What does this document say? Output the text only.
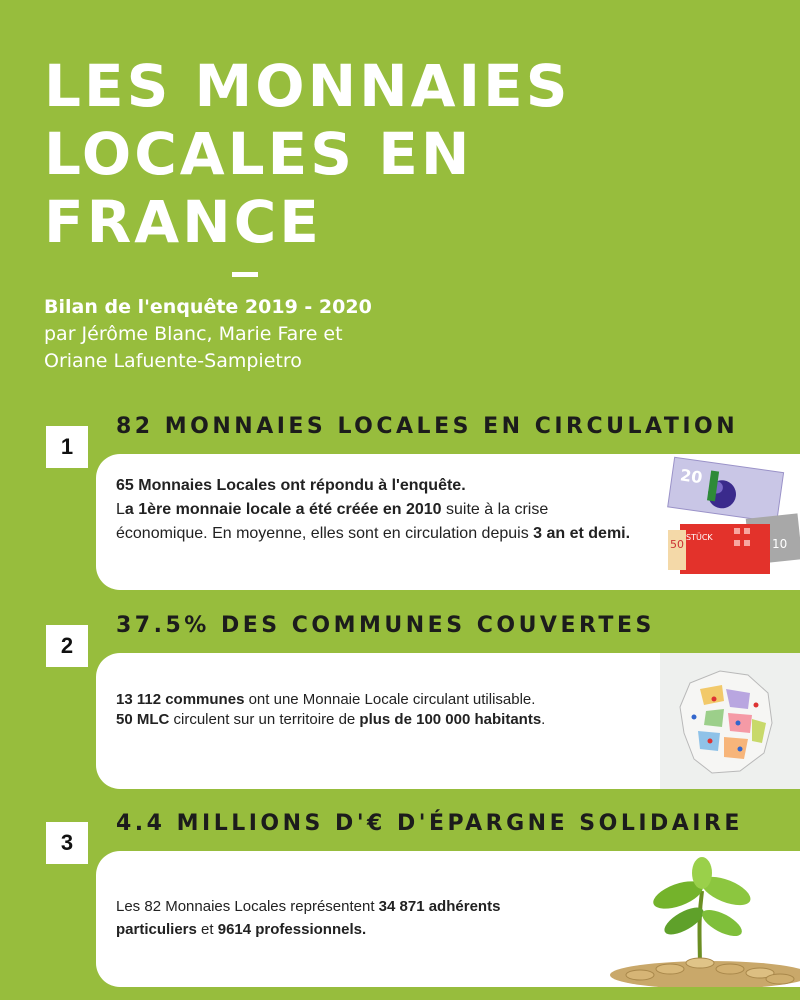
LES MONNAIES
LOCALES EN
FRANCE
Bilan de l'enquête 2019 - 2020
par Jérôme Blanc, Marie Fare et
Oriane Lafuente-Sampietro
1
82 MONNAIES LOCALES EN CIRCULATION

65 Monnaies Locales ont répondu à l'enquête.
La 1ère monnaie locale a été créée en 2010 suite à la crise économique. En moyenne, elles sont en circulation depuis 3 an et demi.

20
10
50
STÜCK
2
37.5% DES COMMUNES COUVERTES

13 112 communes ont une Monnaie Locale circulant utilisable.
50 MLC circulent sur un territoire de plus de 100 000 habitants.

3
4.4 MILLIONS D'€ D'ÉPARGNE SOLIDAIRE

Les 82 Monnaies Locales représentent 34 871 adhérents particuliers et 9614 professionnels.
